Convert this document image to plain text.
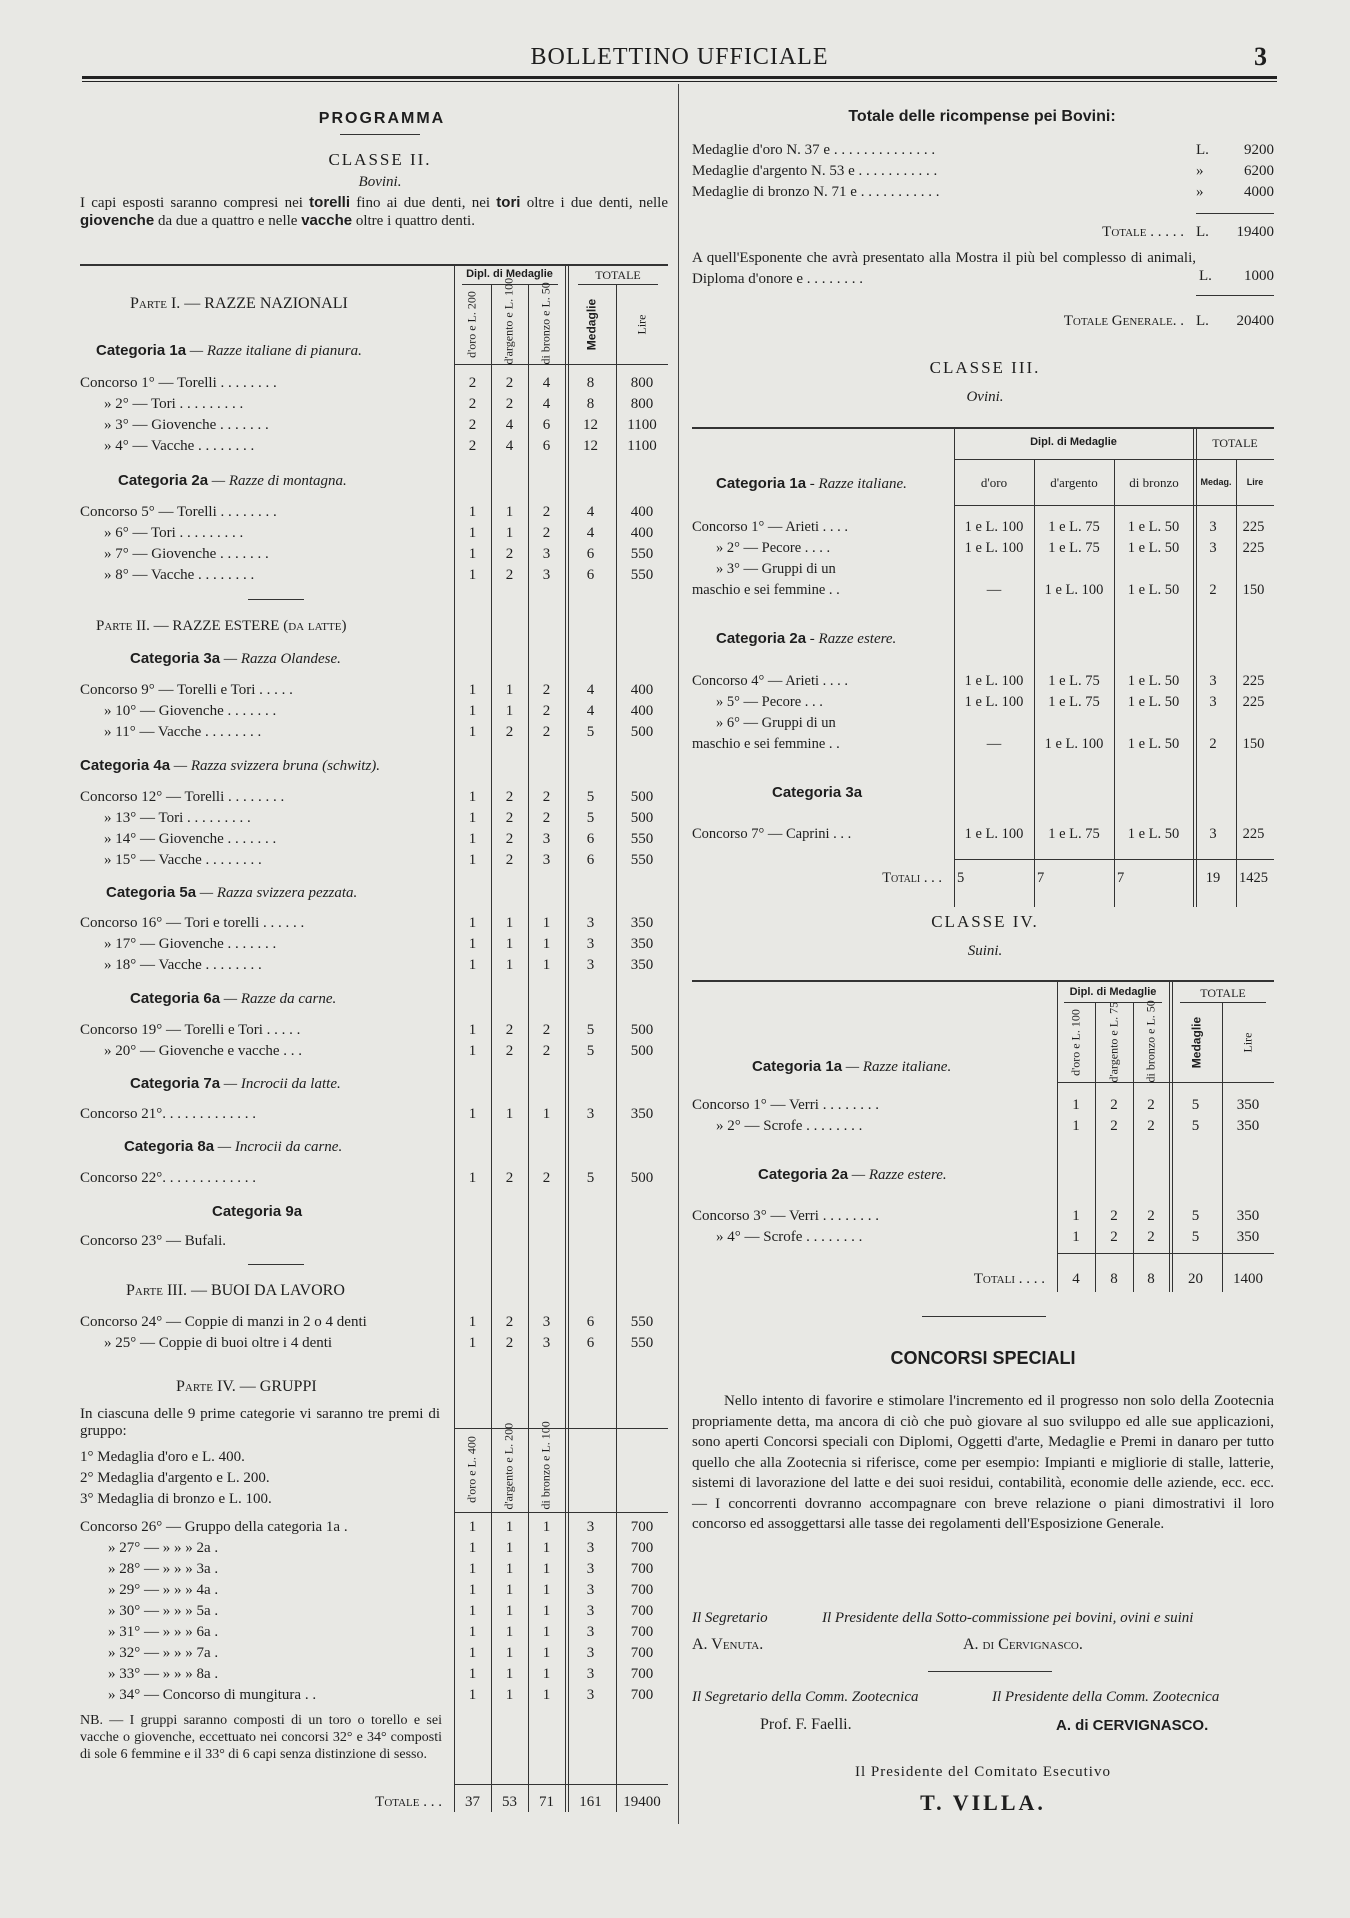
BOLLETTINO UFFICIALE	3
PROGRAMMA
CLASSE II.
Bovini.
I capi esposti saranno compresi nei torelli fino ai due denti, nei tori oltre i due denti, nelle giovenche da due a quattro e nelle vacche oltre i quattro denti.
Dipl. di Medaglie	TOTALE
d'oro e L. 200 d'argento e L. 100 di bronzo e L. 50	Medaglie	Lire
Parte I. — RAZZE NAZIONALI
Categoria 1a — Razze italiane di pianura.
Concorso 1° — Torelli . . . . . . . .	2	2	4	8	800
» 2° — Tori . . . . . . . . .	2	2	4	8	800
» 3° — Giovenche . . . . . . .	2	4	6	12	1100
» 4° — Vacche . . . . . . . .	2	4	6	12	1100
Categoria 2a — Razze di montagna.
Concorso 5° — Torelli . . . . . . . .	1	1	2	4	400
» 6° — Tori . . . . . . . . .	1	1	2	4	400
» 7° — Giovenche . . . . . . .	1	2	3	6	550
» 8° — Vacche . . . . . . . .	1	2	3	6	550
Parte II. — RAZZE ESTERE (da latte)
Categoria 3a — Razza Olandese.
Concorso 9° — Torelli e Tori . . . . .	1	1	2	4	400
» 10° — Giovenche . . . . . . .	1	1	2	4	400
» 11° — Vacche . . . . . . . .	1	2	2	5	500
Categoria 4a — Razza svizzera bruna (schwitz).
Concorso 12° — Torelli . . . . . . . .	1	2	2	5	500
» 13° — Tori . . . . . . . . .	1	2	2	5	500
» 14° — Giovenche . . . . . . .	1	2	3	6	550
» 15° — Vacche . . . . . . . .	1	2	3	6	550
Categoria 5a — Razza svizzera pezzata.
Concorso 16° — Tori e torelli . . . . . .	1	1	1	3	350
» 17° — Giovenche . . . . . . .	1	1	1	3	350
» 18° — Vacche . . . . . . . .	1	1	1	3	350
Categoria 6a — Razze da carne.
Concorso 19° — Torelli e Tori . . . . .	1	2	2	5	500
» 20° — Giovenche e vacche . . .	1	2	2	5	500
Categoria 7a — Incrocii da latte.
Concorso 21°. . . . . . . . . . . . .	1	1	1	3	350
Categoria 8a — Incrocii da carne.
Concorso 22°. . . . . . . . . . . . .	1	2	2	5	500
Categoria 9a
Concorso 23° — Bufali.					
Parte III. — BUOI DA LAVORO
Concorso 24° — Coppie di manzi in 2 o 4 denti	1	2	3	6	550
» 25° — Coppie di buoi oltre i 4 denti	1	2	3	6	550
Parte IV. — GRUPPI
In ciascuna delle 9 prime categorie vi saranno tre premi di gruppo:
1° Medaglia d'oro e L. 400.
2° Medaglia d'argento e L. 200.
3° Medaglia di bronzo e L. 100.	d'oro e L. 400 d'argento e L. 200 di bronzo e L. 100
Concorso 26° — Gruppo della categoria 1a .	1	1	1	3	700
» 27° — » » » 2a .	1	1	1	3	700
» 28° — » » » 3a .	1	1	1	3	700
» 29° — » » » 4a .	1	1	1	3	700
» 30° — » » » 5a .	1	1	1	3	700
» 31° — » » » 6a .	1	1	1	3	700
» 32° — » » » 7a .	1	1	1	3	700
» 33° — » » » 8a .	1	1	1	3	700
» 34° — Concorso di mungitura . .	1	1	1	3	700
NB. — I gruppi saranno composti di un toro o torello e sei vacche o giovenche, eccettuato nei concorsi 32° e 34° composti di sole 6 femmine e il 33° di 6 capi senza distinzione di sesso.
Totale . . .	37	53	71	161	19400
Totale delle ricompense pei Bovini:
Medaglie d'oro N. 37 e . . . . . . . . . . . . . .	L.	9200
Medaglie d'argento N. 53 e . . . . . . . . . . .	»	6200
Medaglie di bronzo N. 71 e . . . . . . . . . . .	»	4000
Totale . . . . .	L.	19400
A quell'Esponente che avrà presentato alla Mostra il più bel complesso di animali, Diploma d'onore e . . . . . . . .	L.	1000
Totale Generale. .	L.	20400
CLASSE III.
Ovini.
Dipl. di Medaglie	TOTALE
d'oro	d'argento	di bronzo	Medag.	Lire
Categoria 1a - Razze italiane.
Concorso 1° — Arieti . . . .	1 e L. 100	1 e L. 75	1 e L. 50	3	225
» 2° — Pecore . . . .	1 e L. 100	1 e L. 75	1 e L. 50	3	225
» 3° — Gruppi di un					
maschio e sei femmine . .	—	1 e L. 100	1 e L. 50	2	150
Categoria 2a - Razze estere.
Concorso 4° — Arieti . . . .	1 e L. 100	1 e L. 75	1 e L. 50	3	225
» 5° — Pecore . . .	1 e L. 100	1 e L. 75	1 e L. 50	3	225
» 6° — Gruppi di un					
maschio e sei femmine . .	—	1 e L. 100	1 e L. 50	2	150
Categoria 3a
Concorso 7° — Caprini . . .	1 e L. 100	1 e L. 75	1 e L. 50	3	225
Totali . . .	5	7	7	19	1425
CLASSE IV.
Suini.
Dipl. di Medaglie	TOTALE
d'oro e L. 100 d'argento e L. 75 di bronzo e L. 50	Medaglie	Lire
Categoria 1a — Razze italiane.
Concorso 1° — Verri . . . . . . . .	1	2	2	5	350
» 2° — Scrofe . . . . . . . .	1	2	2	5	350
Categoria 2a — Razze estere.
Concorso 3° — Verri . . . . . . . .	1	2	2	5	350
» 4° — Scrofe . . . . . . . .	1	2	2	5	350
Totali . . . .	4	8	8	20	1400
CONCORSI SPECIALI
Nello intento di favorire e stimolare l'incremento ed il progresso non solo della Zootecnia propriamente detta, ma ancora di ciò che può giovare al suo sviluppo ed alle sue applicazioni, sono aperti Concorsi speciali con Diplomi, Oggetti d'arte, Medaglie e Premi in danaro per tutto quello che alla Zootecnia si riferisce, come per esempio: Impianti e migliorie di stalle, latterie, sistemi di lavorazione del latte e dei suoi residui, contabilità, economie delle aziende, ecc. ecc. — I concorrenti dovranno accompagnare con breve relazione o piani dimostrativi il loro concorso ed assoggettarsi alle tasse dei regolamenti dell'Esposizione Generale.
Il Segretario	Il Presidente della Sotto-commissione pei bovini, ovini e suini
A. Venuta.	A. di Cervignasco.
Il Segretario della Comm. Zootecnica	Il Presidente della Comm. Zootecnica
Prof. F. Faelli.	A. di CERVIGNASCO.
Il Presidente del Comitato Esecutivo
T. VILLA.
